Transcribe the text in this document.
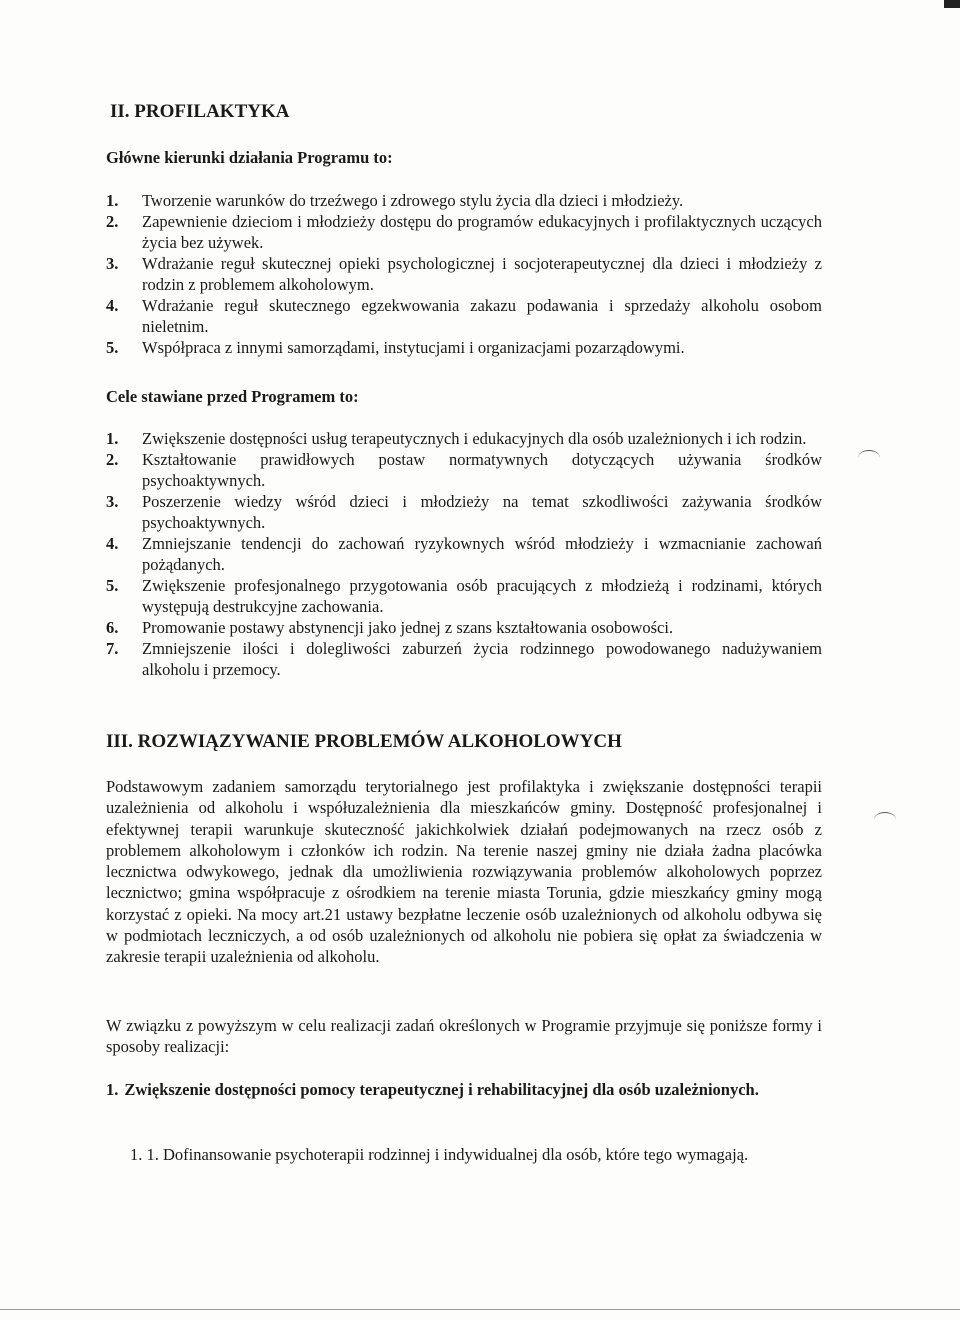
II. PROFILAKTYKA
Główne kierunki działania Programu to:
1. Tworzenie warunków do trzeźwego i zdrowego stylu życia dla dzieci i młodzieży.
2. Zapewnienie dzieciom i młodzieży dostępu do programów edukacyjnych i profilaktycznych uczących życia bez używek.
3. Wdrażanie reguł skutecznej opieki psychologicznej i socjoterapeutycznej dla dzieci i młodzieży z rodzin z problemem alkoholowym.
4. Wdrażanie reguł skutecznego egzekwowania zakazu podawania i sprzedaży alkoholu osobom nieletnim.
5. Współpraca z innymi samorządami, instytucjami i organizacjami pozarządowymi.
Cele stawiane przed Programem to:
1. Zwiększenie dostępności usług terapeutycznych i edukacyjnych dla osób uzależnionych i ich rodzin.
2. Kształtowanie prawidłowych postaw normatywnych dotyczących używania środków psychoaktywnych.
3. Poszerzenie wiedzy wśród dzieci i młodzieży na temat szkodliwości zażywania środków psychoaktywnych.
4. Zmniejszanie tendencji do zachowań ryzykownych wśród młodzieży i wzmacnianie zachowań pożądanych.
5. Zwiększenie profesjonalnego przygotowania osób pracujących z młodzieżą i rodzinami, których występują destrukcyjne zachowania.
6. Promowanie postawy abstynencji jako jednej z szans kształtowania osobowości.
7. Zmniejszenie ilości i dolegliwości zaburzeń życia rodzinnego powodowanego nadużywaniem alkoholu i przemocy.
III. ROZWIĄZYWANIE PROBLEMÓW ALKOHOLOWYCH

Podstawowym zadaniem samorządu terytorialnego jest profilaktyka i zwiększanie dostępności terapii uzależnienia od alkoholu i współuzależnienia dla mieszkańców gminy. Dostępność profesjonalnej i efektywnej terapii warunkuje skuteczność jakichkolwiek działań podejmowanych na rzecz osób z problemem alkoholowym i członków ich rodzin. Na terenie naszej gminy nie działa żadna placówka lecznictwa odwykowego, jednak dla umożliwienia rozwiązywania problemów alkoholowych poprzez lecznictwo; gmina współpracuje z ośrodkiem na terenie miasta Torunia, gdzie mieszkańcy gminy mogą korzystać z opieki. Na mocy art.21 ustawy bezpłatne leczenie osób uzależnionych od alkoholu odbywa się w podmiotach leczniczych, a od osób uzależnionych od alkoholu nie pobiera się opłat za świadczenia w zakresie terapii uzależnienia od alkoholu.

W związku z powyższym w celu realizacji zadań określonych w Programie przyjmuje się poniższe formy i sposoby realizacji:

1. Zwiększenie dostępności pomocy terapeutycznej i rehabilitacyjnej dla osób uzależnionych.
1. 1. Dofinansowanie psychoterapii rodzinnej i indywidualnej dla osób, które tego wymagają.
